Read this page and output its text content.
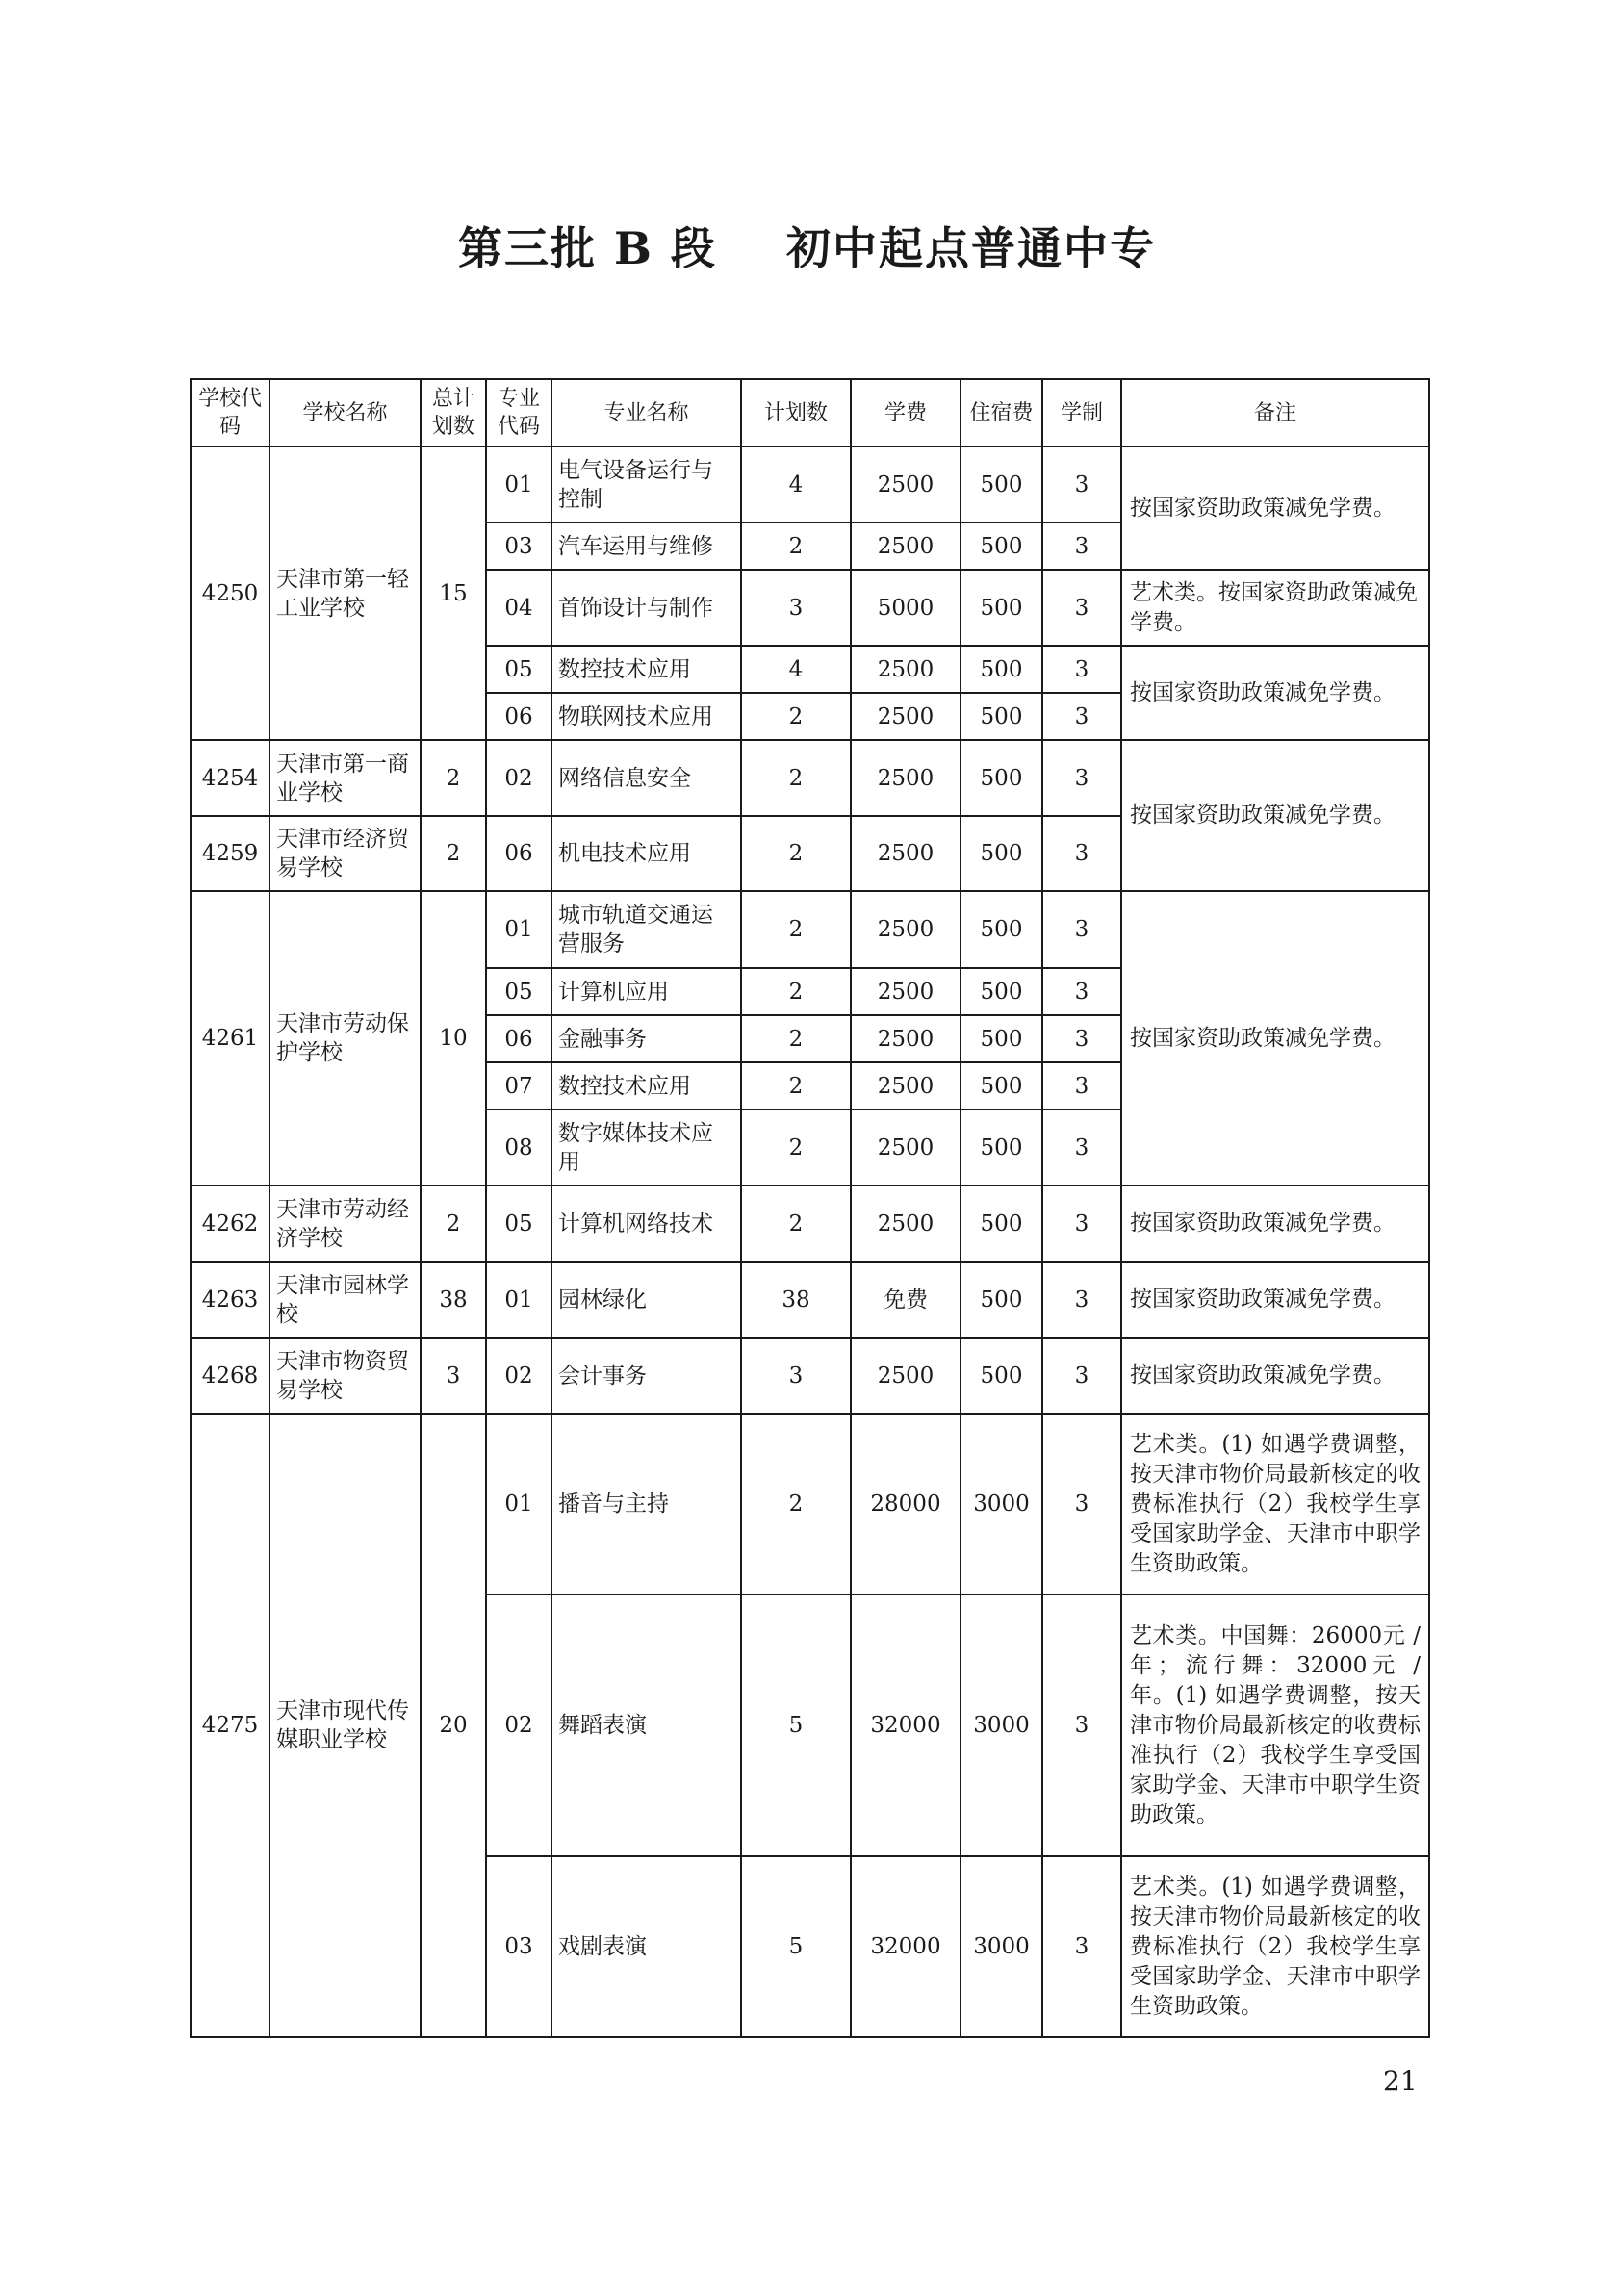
第三批 B 段    初中起点普通中专
学校代码	学校名称	总计划数	专业代码	专业名称	计划数	学费	住宿费	学制	备注
4250	天津市第一轻工业学校	15	01	电气设备运行与控制	4	2500	500	3	按国家资助政策减免学费。
			03	汽车运用与维修	2	2500	500	3	
			04	首饰设计与制作	3	5000	500	3	艺术类。按国家资助政策减免学费。
			05	数控技术应用	4	2500	500	3	按国家资助政策减免学费。
			06	物联网技术应用	2	2500	500	3	
4254	天津市第一商业学校	2	02	网络信息安全	2	2500	500	3	按国家资助政策减免学费。
4259	天津市经济贸易学校	2	06	机电技术应用	2	2500	500	3	
4261	天津市劳动保护学校	10	01	城市轨道交通运营服务	2	2500	500	3	按国家资助政策减免学费。
			05	计算机应用	2	2500	500	3	
			06	金融事务	2	2500	500	3	
			07	数控技术应用	2	2500	500	3	
			08	数字媒体技术应用	2	2500	500	3	
4262	天津市劳动经济学校	2	05	计算机网络技术	2	2500	500	3	按国家资助政策减免学费。
4263	天津市园林学校	38	01	园林绿化	38	免费	500	3	按国家资助政策减免学费。
4268	天津市物资贸易学校	3	02	会计事务	3	2500	500	3	按国家资助政策减免学费。
4275	天津市现代传媒职业学校	20	01	播音与主持	2	28000	3000	3	艺术类。(1) 如遇学费调整，按天津市物价局最新核定的收费标准执行（2）我校学生享受国家助学金、天津市中职学生资助政策。
			02	舞蹈表演	5	32000	3000	3	艺术类。中国舞：26000元 / 年；流行舞：32000元 / 年。(1) 如遇学费调整，按天津市物价局最新核定的收费标准执行（2）我校学生享受国家助学金、天津市中职学生资助政策。
			03	戏剧表演	5	32000	3000	3	艺术类。(1) 如遇学费调整，按天津市物价局最新核定的收费标准执行（2）我校学生享受国家助学金、天津市中职学生资助政策。
21
